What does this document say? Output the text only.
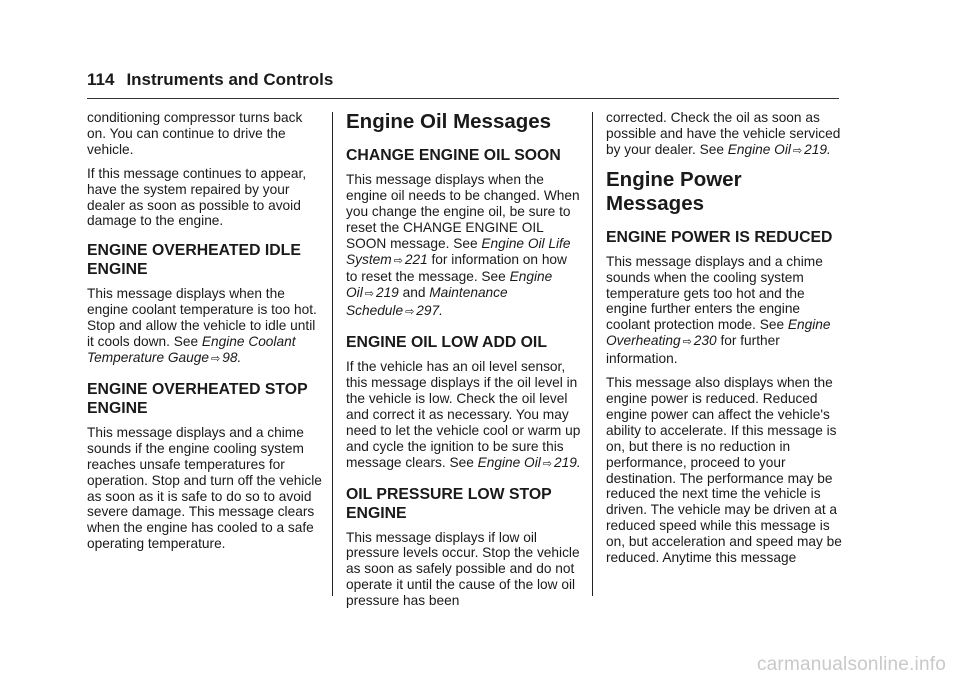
114 Instruments and Controls

conditioning compressor turns back on. You can continue to drive the vehicle.

If this message continues to appear, have the system repaired by your dealer as soon as possible to avoid damage to the engine.

ENGINE OVERHEATED IDLE ENGINE

This message displays when the engine coolant temperature is too hot. Stop and allow the vehicle to idle until it cools down. See Engine Coolant Temperature Gauge ⇨ 98.

ENGINE OVERHEATED STOP ENGINE

This message displays and a chime sounds if the engine cooling system reaches unsafe temperatures for operation. Stop and turn off the vehicle as soon as it is safe to do so to avoid severe damage. This message clears when the engine has cooled to a safe operating temperature.

Engine Oil Messages
CHANGE ENGINE OIL SOON

This message displays when the engine oil needs to be changed. When you change the engine oil, be sure to reset the CHANGE ENGINE OIL SOON message. See Engine Oil Life System ⇨ 221 for information on how to reset the message. See Engine Oil ⇨ 219 and Maintenance Schedule ⇨ 297.

ENGINE OIL LOW ADD OIL

If the vehicle has an oil level sensor, this message displays if the oil level in the vehicle is low. Check the oil level and correct it as necessary. You may need to let the vehicle cool or warm up and cycle the ignition to be sure this message clears. See Engine Oil ⇨ 219.

OIL PRESSURE LOW STOP ENGINE

This message displays if low oil pressure levels occur. Stop the vehicle as soon as safely possible and do not operate it until the cause of the low oil pressure has been

corrected. Check the oil as soon as possible and have the vehicle serviced by your dealer. See Engine Oil ⇨ 219.

Engine Power Messages
ENGINE POWER IS REDUCED

This message displays and a chime sounds when the cooling system temperature gets too hot and the engine further enters the engine coolant protection mode. See Engine Overheating ⇨ 230 for further information.

This message also displays when the engine power is reduced. Reduced engine power can affect the vehicle's ability to accelerate. If this message is on, but there is no reduction in performance, proceed to your destination. The performance may be reduced the next time the vehicle is driven. The vehicle may be driven at a reduced speed while this message is on, but acceleration and speed may be reduced. Anytime this message

carmanualsonline.info
